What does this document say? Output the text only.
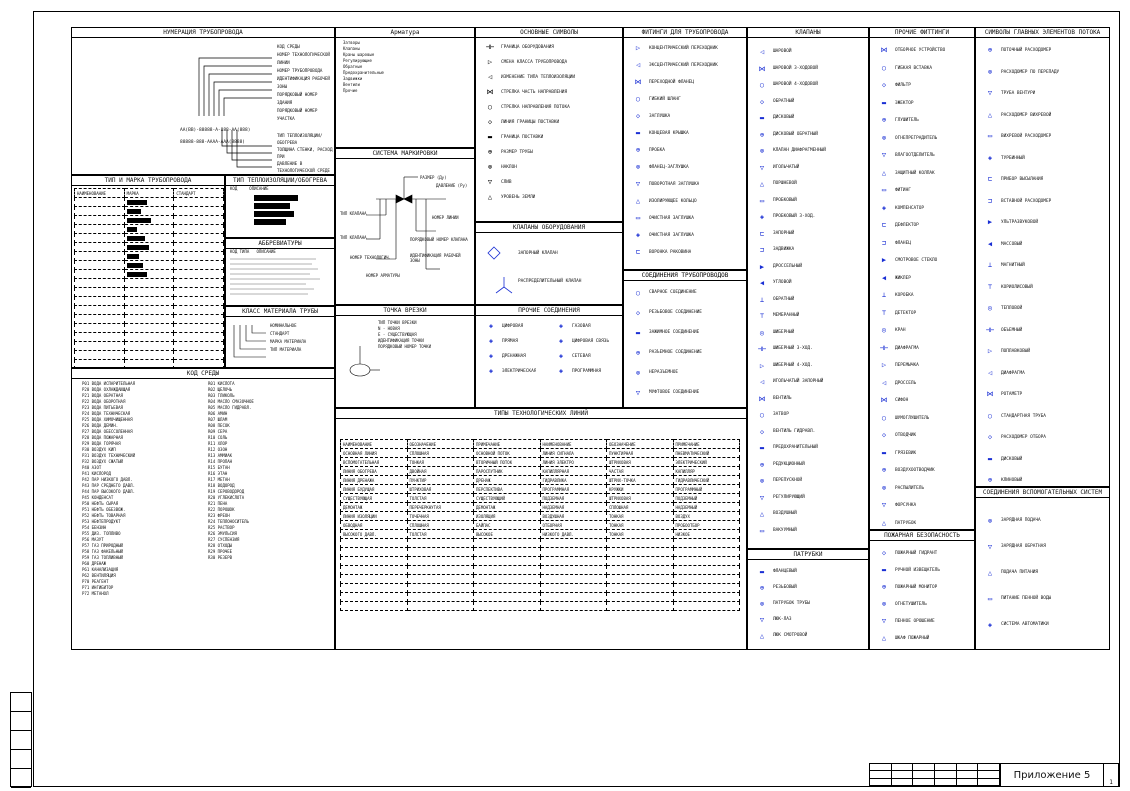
НУМЕРАЦИЯ ТРУБОПРОВОДА
КОД СРЕДЫ
НОМЕР ТЕХНОЛОГИЧЕСКОЙ ЛИНИИ
НОМЕР ТРУБОПРОВОДА
ИДЕНТИФИКАЦИЯ РАБОЧЕЙ ЗОНЫ
ПОРЯДКОВЫЙ НОМЕР ЗДАНИЯ
ПОРЯДКОВЫЙ НОМЕР УЧАСТКА
АА(ВВ)-88888-А-888-АА(888)
88888-888-АААА-ААА(8888)
ТИП ТЕПЛОИЗОЛЯЦИИ/ОБОГРЕВА
ТОЛЩИНА СТЕНКИ, РАСХОД ПРИ
ДАВЛЕНИЕ В ТЕХНОЛОГИЧЕСКОЙ СРЕДЕ
ТИП И МАРКА ТРУБОПРОВОДА
НАИМЕНОВАНИЕ	МАРКА	СТАНДАРТ

ТИП ТЕПЛОИЗОЛЯЦИИ/ОБОГРЕВА
КОД	ОПИСАНИЕ
АББРЕВИАТУРЫ
КОД ТИПА ОПИСАНИЕ
КЛАСС МАТЕРИАЛА ТРУБЫ
НОМИНАЛЬНОЕ
СТАНДАРТ
МАРКА МАТЕРИАЛА
ТИП МАТЕРИАЛА
КОД СРЕДЫ
P01 ВОДА ИСПАРИТЕЛЬНАЯ
P20 ВОДА ОХЛАЖДАЮЩАЯ
P21 ВОДА ОБРАТНАЯ
P22 ВОДА ОБОРОТНАЯ
P23 ВОДА ПИТЬЕВАЯ
P24 ВОДА ТЕХНИЧЕСКАЯ
P25 ВОДА ХИМОЧИЩЕННАЯ
P26 ВОДА ДЕМИН.
P27 ВОДА ОБЕССОЛЕННАЯ
P28 ВОДА ПОЖАРНАЯ
P29 ВОДА ГОРЯЧАЯ
P30 ВОЗДУХ КИП
P31 ВОЗДУХ ТЕХНИЧЕСКИЙ
P32 ВОЗДУХ СЖАТЫЙ
P40 АЗОТ
P41 КИСЛОРОД
P42 ПАР НИЗКОГО ДАВЛ.
P43 ПАР СРЕДНЕГО ДАВЛ.
P44 ПАР ВЫСОКОГО ДАВЛ.
P45 КОНДЕНСАТ
P50 НЕФТЬ СЫРАЯ
P51 НЕФТЬ ОБЕЗВОЖ.
P52 НЕФТЬ ТОВАРНАЯ
P53 НЕФТЕПРОДУКТ
P54 БЕНЗИН
P55 ДИЗ. ТОПЛИВО
P56 МАЗУТ
P57 ГАЗ ПРИРОДНЫЙ
P58 ГАЗ ФАКЕЛЬНЫЙ
P59 ГАЗ ТОПЛИВНЫЙ
P60 ДРЕНАЖ
P61 КАНАЛИЗАЦИЯ
P62 ВЕНТИЛЯЦИЯ
P70 РЕАГЕНТ
P71 ИНГИБИТОР
P72 МЕТАНОЛ
R01 КИСЛОТА
R02 ЩЕЛОЧЬ
R03 ГЛИКОЛЬ
R04 МАСЛО СМАЗОЧНОЕ
R05 МАСЛО ГИДРАВЛ.
R06 АМИН
R07 ШЛАМ
R08 ПЕСОК
R09 СЕРА
R10 СОЛЬ
R11 ХЛОР
R12 ОЗОН
R13 АММИАК
R14 ПРОПАН
R15 БУТАН
R16 ЭТАН
R17 МЕТАН
R18 ВОДОРОД
R19 СЕРОВОДОРОД
R20 УГЛЕКИСЛОТА
R21 ПЕНА
R22 ПОРОШОК
R23 ФРЕОН
R24 ТЕПЛОНОСИТЕЛЬ
R25 РАСТВОР
R26 ЭМУЛЬСИЯ
R27 СУСПЕНЗИЯ
R28 ОТХОДЫ
R29 ПРОЧЕЕ
R30 РЕЗЕРВ
Арматура
Затворы
Клапаны
Краны шаровые
Регулирующие
Обратные
Предохранительные
Задвижки
Вентили
Прочие
СИСТЕМА МАРКИРОВКИ
РАЗМЕР (Ду)
ДАВЛЕНИЕ (Ру)
ТИП КЛАПАНА
НОМЕР ЛИНИИ
ТИП КЛАПАНА	ПОРЯДКОВЫЙ НОМЕР КЛАПАНА
ИДЕНТИФИКАЦИЯ РАБОЧЕЙ ЗОНЫ
НОМЕР ТЕХНОЛОГИЧ.
НОМЕР АРМАТУРЫ
ТОЧКА ВРЕЗКИ
ТИП ТОЧКИ ВРЕЗКИ
N - НОВАЯ
E - СУЩЕСТВУЮЩАЯ
ИДЕНТИФИКАЦИЯ ТОЧКИ
ПОРЯДКОВЫЙ НОМЕР ТОЧКИ
ОСНОВНЫЕ СИМВОЛЫ
⊣⊢	ГРАНИЦА ОБОРУДОВАНИЯ
▷	СМЕНА КЛАССА ТРУБОПРОВОДА
◁	ИЗМЕНЕНИЕ ТИПА ТЕПЛОИЗОЛЯЦИИ
⋈	СТРЕЛКА ЧАСТЬ НАПРАВЛЕНИЯ
○	СТРЕЛКА НАПРАВЛЕНИЯ ПОТОКА
◇	ЛИНИЯ ГРАНИЦЫ ПОСТАВКИ
▬	ГРАНИЦА ПОСТАВКИ
⊕	РАЗМЕР ТРУБЫ
⊗	НАКЛОН
▽	СЛИВ
△	УРОВЕНЬ ЗЕМЛИ
КЛАПАНЫ ОБОРУДОВАНИЯ
ЗАПОРНЫЙ КЛАПАН
РАСПРЕДЕЛИТЕЛЬНЫЙ КЛАПАН
ПРОЧИЕ СОЕДИНЕНИЯ
◈	ЦИФРОВАЯ	◈	ГАЗОВАЯ
◈	ПРЯМАЯ	◈	ЦИФРОВАЯ СВЯЗЬ
◈	ДРЕНАЖНАЯ	◈	СЕТЕВАЯ
◈	ЭЛЕКТРИЧЕСКАЯ	◈	ПРОГРАММНАЯ
ТИПЫ ТЕХНОЛОГИЧЕСКИХ ЛИНИЙ
НАИМЕНОВАНИЕ	ОБОЗНАЧЕНИЕ	ПРИМЕЧАНИЕ	НАИМЕНОВАНИЕ	ОБОЗНАЧЕНИЕ	ПРИМЕЧАНИЕ
ОСНОВНАЯ ЛИНИЯ	СПЛОШНАЯ	ОСНОВНОЙ ПОТОК	ЛИНИЯ СИГНАЛА	ПУНКТИРНАЯ	ПНЕВМАТИЧЕСКИЙ
ВСПОМОГАТЕЛЬНАЯ	ТОНКАЯ	ВТОРИЧНЫЙ ПОТОК	ЛИНИЯ ЭЛЕКТРО	ШТРИХОВАЯ	ЭЛЕКТРИЧЕСКИЙ
ЛИНИЯ ОБОГРЕВА	ДВОЙНАЯ	ПАРОСПУТНИК	КАПИЛЛЯРНАЯ	ЧАСТАЯ	КАПИЛЛЯР
ЛИНИЯ ДРЕНАЖА	ПУНКТИР	ДРЕНАЖ	ГИДРАВЛИКА	ШТРИХ-ТОЧКА	ГИДРАВЛИЧЕСКИЙ
ЛИНИЯ БУДУЩАЯ	ШТРИХОВАЯ	ПЕРСПЕКТИВА	ПРОГРАММНАЯ	КРУЖКИ	ПРОГРАММНЫЙ
СУЩЕСТВУЮЩАЯ	ТОЛСТАЯ	СУЩЕСТВУЮЩИЙ	ПОДЗЕМНАЯ	ШТРИХОВАЯ	ПОДЗЕМНЫЙ
ДЕМОНТАЖ	ПЕРЕЧЕРКНУТАЯ	ДЕМОНТАЖ	НАДЗЕМНАЯ	СПЛОШНАЯ	НАДЗЕМНЫЙ
ЛИНИЯ ИЗОЛЯЦИИ	ТОЧЕЧНАЯ	ИЗОЛЯЦИЯ	ВОЗДУШНАЯ	ТОНКАЯ	ВОЗДУХ
ОБВОДНАЯ	СПЛОШНАЯ	БАЙПАС	ОТБОРНАЯ	ТОНКАЯ	ПРОБООТБОР
ВЫСОКОГО ДАВЛ.	ТОЛСТАЯ	ВЫСОКОЕ	НИЗКОГО ДАВЛ.	ТОНКАЯ	НИЗКОЕ

ФИТИНГИ ДЛЯ ТРУБОПРОВОДА
▷	КОНЦЕНТРИЧЕСКИЙ ПЕРЕХОДНИК
◁	ЭКСЦЕНТРИЧЕСКИЙ ПЕРЕХОДНИК
⋈	ПЕРЕХОДНОЙ ФЛАНЕЦ
○	ГИБКИЙ ШЛАНГ
◇	ЗАГЛУШКА
▬	КОНЦЕВАЯ КРЫШКА
⊕	ПРОБКА
⊗	ФЛАНЕЦ-ЗАГЛУШКА
▽	ПОВОРОТНАЯ ЗАГЛУШКА
△	ИЗОЛИРУЮЩЕЕ КОЛЬЦО
▭	ОЧИСТНАЯ ЗАГЛУШКА
◈	ОЧИСТНАЯ ЗАГЛУШКА
⊏	ВОРОНКА РАКОВИНА
СОЕДИНЕНИЯ ТРУБОПРОВОДОВ
○	СВАРНОЕ СОЕДИНЕНИЕ
◇	РЕЗЬБОВОЕ СОЕДИНЕНИЕ
▬	ЗАЖИМНОЕ СОЕДИНЕНИЕ
⊕	РАЗЪЕМНОЕ СОЕДИНЕНИЕ
⊗	НЕРАЗЪЕМНОЕ
▽	МУФТОВОЕ СОЕДИНЕНИЕ
КЛАПАНЫ
◁	ШАРОВОЙ
⋈	ШАРОВОЙ 3-ХОДОВОЙ
○	ШАРОВОЙ 4-ХОДОВОЙ
◇	ОБРАТНЫЙ
▬	ДИСКОВЫЙ
⊕	ДИСКОВЫЙ ОБРАТНЫЙ
⊗	КЛАПАН ДИАФРАГМЕННЫЙ
▽	ИГОЛЬЧАТЫЙ
△	ПОРШНЕВОЙ
▭	ПРОБКОВЫЙ
◈	ПРОБКОВЫЙ 3-ХОД.
⊏	ЗАПОРНЫЙ
⊐	ЗАДВИЖКА
▶	ДРОССЕЛЬНЫЙ
◀	УГЛОВОЙ
⊥	ОБРАТНЫЙ
⊤	МЕМБРАННЫЙ
◎	ШИБЕРНЫЙ
⊣⊢	ШИБЕРНЫЙ 3-ХОД.
▷	ШИБЕРНЫЙ 4-ХОД.
◁	ИГОЛЬЧАТЫЙ ЗАПОРНЫЙ
⋈	ВЕНТИЛЬ
○	ЗАТВОР
◇	ВЕНТИЛЬ ГИДРАВЛ.
▬	ПРЕДОХРАНИТЕЛЬНЫЙ
⊕	РЕДУКЦИОННЫЙ
⊗	ПЕРЕПУСКНОЙ
▽	РЕГУЛИРУЮЩИЙ
△	ВОЗДУШНЫЙ
▭	ВАКУУМНЫЙ
ПАТРУБКИ
▬	ФЛАНЦЕВЫЙ
⊕	РЕЗЬБОВЫЙ
⊗	ПАТРУБОК ТРУБЫ
▽	ЛЮК-ЛАЗ
△	ЛЮК СМОТРОВОЙ
ПРОЧИЕ ФИТТИНГИ
⋈	ОТБОРНОЕ УСТРОЙСТВО
○	ГИБКАЯ ВСТАВКА
◇	ФИЛЬТР
▬	ЭЖЕКТОР
⊕	ГЛУШИТЕЛЬ
⊗	ОГНЕПРЕГРАДИТЕЛЬ
▽	ВЛАГООТДЕЛИТЕЛЬ
△	ЗАЩИТНЫЙ КОЛПАК
▭	ФИТИНГ
◈	КОМПЕНСАТОР
⊏	ДЕФЛЕКТОР
⊐	ФЛАНЕЦ
▶	СМОТРОВОЕ СТЕКЛО
◀	ЖИКЛЕР
⊥	КОРОБКА
⊤	ДЕТЕКТОР
◎	КРАН
⊣⊢	ДИАФРАГМА
▷	ПЕРЕМЫЧКА
◁	ДРОССЕЛЬ
⋈	СИФОН
○	ШУМОГЛУШИТЕЛЬ
◇	ОТВОДЧИК
▬	ГРЯЗЕВИК
⊕	ВОЗДУХООТВОДЧИК
⊗	РАСПЫЛИТЕЛЬ
▽	ФОРСУНКА
△	ПАТРУБОК
ПОЖАРНАЯ БЕЗОПАСНОСТЬ
◇	ПОЖАРНЫЙ ГИДРАНТ
▬	РУЧНОЙ ИЗВЕЩАТЕЛЬ
⊕	ПОЖАРНЫЙ МОНИТОР
⊗	ОГНЕТУШИТЕЛЬ
▽	ПЕННОЕ ОРОШЕНИЕ
△	ШКАФ ПОЖАРНЫЙ
СИМВОЛЫ ГЛАВНЫХ ЭЛЕМЕНТОВ ПОТОКА
⊕	ПОТОЧНЫЙ РАСХОДОМЕР
⊗	РАСХОДОМЕР ПО ПЕРЕПАДУ
▽	ТРУБА ВЕНТУРИ
△	РАСХОДОМЕР ВИХРЕВОЙ
▭	ВИХРЕВОЙ РАСХОДОМЕР
◈	ТУРБИННЫЙ
⊏	ПРИБОР ВЫСЫЛАНИЯ
⊐	ВСТАВНОЙ РАСХОДОМЕР
▶	УЛЬТРАЗВУКОВОЙ
◀	МАССОВЫЙ
⊥	МАГНИТНЫЙ
⊤	КОРИОЛИСОВЫЙ
◎	ТЕПЛОВОЙ
⊣⊢	ОБЪЕМНЫЙ
▷	ПОПЛАВКОВЫЙ
◁	ДИАФРАГМА
⋈	РОТАМЕТР
○	СТАНДАРТНАЯ ТРУБА
◇	РАСХОДОМЕР ОТБОРА
▬	ДИСКОВЫЙ
⊕	КЛИНОВЫЙ
СОЕДИНЕНИЯ ВСПОМОГАТЕЛЬНЫХ СИСТЕМ
⊗	ЗАРЯДНАЯ ПОДАЧА
▽	ЗАРЯДНАЯ ОБРАТНАЯ
△	ПОДАЧА ПИТАНИЯ
▭	ПИТАНИЕ ПЕННОЙ ВОДЫ
◈	СИСТЕМА АВТОМАТИКИ
Приложение 5
1
